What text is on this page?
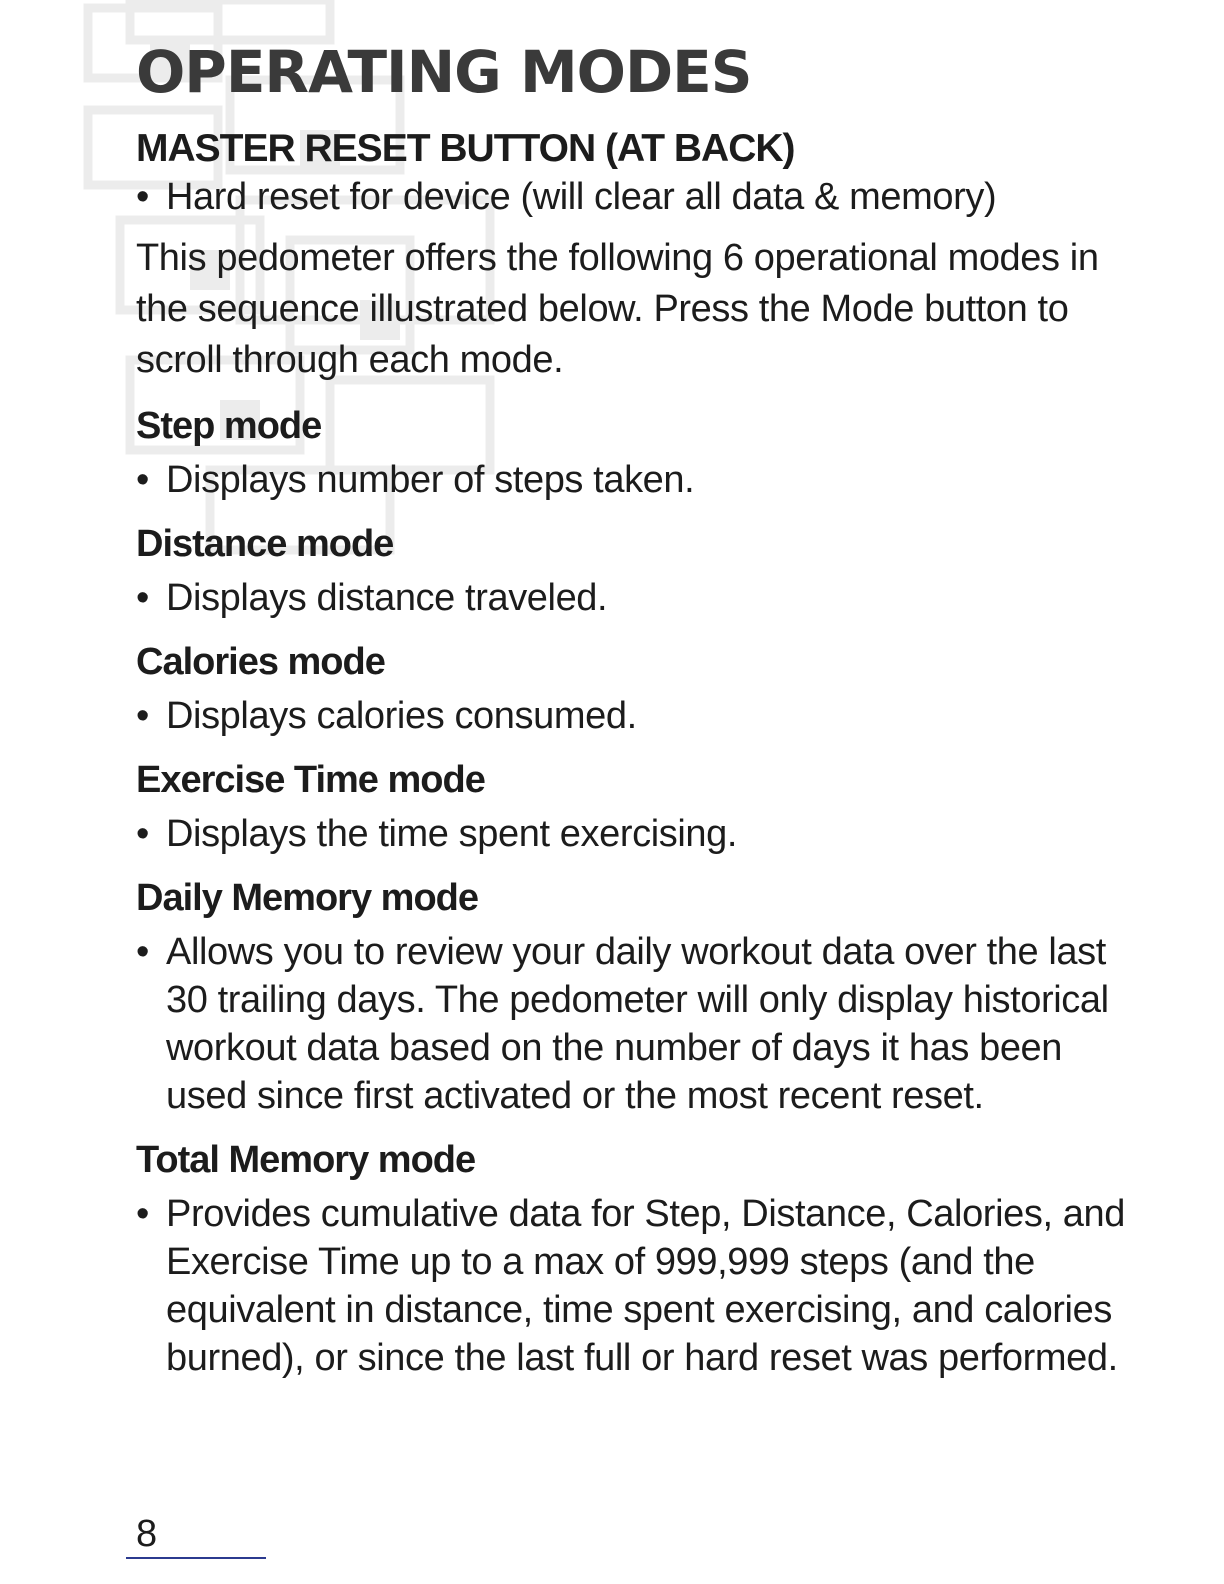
OPERATING MODES
MASTER RESET BUTTON (AT BACK)

• Hard reset for device (will clear all data & memory)

This pedometer offers the following 6 operational modes in the sequence illustrated below. Press the Mode button to scroll through each mode.

Step mode

• Displays number of steps taken.

Distance mode

• Displays distance traveled.

Calories mode

• Displays calories consumed.

Exercise Time mode

• Displays the time spent exercising.

Daily Memory mode

• Allows you to review your daily workout data over the last 30 trailing days. The pedometer will only display historical workout data based on the number of days it has been used since first activated or the most recent reset.

Total Memory mode

• Provides cumulative data for Step, Distance, Calories, and Exercise Time up to a max of 999,999 steps (and the equivalent in distance, time spent exercising, and calories burned), or since the last full or hard reset was performed.

8
